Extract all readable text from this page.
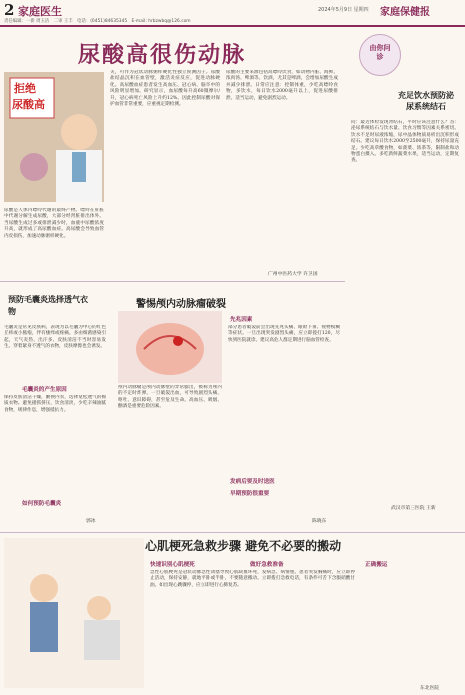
2 家庭医生
责任编辑：一新 周玉洁　二审 王丰　电话：(0451)84635345　E-mail: hrbzwbq@126.com
2024年5月9日 星期四 家庭保健报
尿酸高很伤动脉
拒绝
尿酸高
尿酸是人体内嘌呤代谢的最终产物。嘌呤在肝脏中代谢分解生成尿酸，大部分经肾脏排出体外。当尿酸生成过多或排泄减少时，血液中尿酸浓度升高，就形成了高尿酸血症。高尿酸会导致血管内皮损伤，加速动脉粥样硬化。
关，可作为冠状动脉粥样硬化性独立预测因子。尿酸盐结晶沉积在血管壁，激活炎症反应，促进动脉硬化。高尿酸血症患者发生高血压、冠心病、脑卒中的风险明显增加。研究显示，血尿酸每升高60微摩尔/升，冠心病死亡风险上升约12%。因此控制尿酸对保护血管非常重要，应重视定期检测。
尿酸的主要来源包括高嘌呤饮食，如动物内脏、海鲜、浓肉汤、啤酒等。饮酒，尤其是啤酒，会增加尿酸生成并减少排泄。日常应注意：控制体重，少吃高嘌呤食物，多饮水，每日饮水2000毫升以上，促进尿酸排泄。适当运动，避免剧烈运动。
广州中医药大学 许卫国
由你问诊
充足饮水预防泌尿系统结石
问：最近体检发现肾结石，平时应该注意什么？答：泌尿系统结石与饮水量、饮食习惯等因素关系密切。饮水不足时尿液浓缩，尿中晶体物质易析出沉积形成结石。建议每日饮水2000至2500毫升，保持尿量充足。少吃高草酸食物，如菠菜、浓茶等，限制盐和动物蛋白摄入。多吃新鲜蔬菜水果，适当运动，定期复查。
武汉市第三医院 王新
预防毛囊炎选择透气衣物
毛囊炎是常见皮肤病，表现为以毛囊为中心的红色丘疹或小脓疱，伴有瘙痒或疼痛。多由细菌感染引起，天气炎热、出汗多、皮肤清洁不当时容易发生。穿着紧身不透气的衣物，皮肤摩擦也会诱发。
毛囊炎的产生原因
保持皮肤清洁干燥，勤换内衣，选择宽松透气的棉质衣物。避免搔抓挤压，饮食清淡，少吃辛辣油腻食物，规律作息，增强抵抗力。
如何预防毛囊炎
郭冰
警惕颅内动脉瘤破裂
颅内动脉瘤是颅内动脉壁的异常膨出，被称为颅内的不定时炸弹。一旦破裂出血，可导致剧烈头痛、呕吐、意识障碍，甚至危及生命。高血压、吸烟、酗酒是重要危险因素。
先兆因素
部分患者破裂前会出现先兆头痛、眼睑下垂、视物模糊等症状。一旦出现突发剧烈头痛，应立即拨打120，尽快到医院就诊。建议高危人群定期进行脑血管检查。
发病后要及时送医
早期预防很重要
陈晓东
心肌梗死急救步骤 避免不必要的搬动
快速识别心肌梗死
急性心肌梗死是冠状动脉急性闭塞导致心肌缺血坏死，发病急、病情重。患者突发胸痛时，应立即停止活动，保持安静，就地平卧或半卧，不要随意搬动。立即拨打急救电话，有条件可舌下含服硝酸甘油。如出现心跳骤停，应立即进行心肺复苏。
做好急救准备	正确搬运
东北医院
